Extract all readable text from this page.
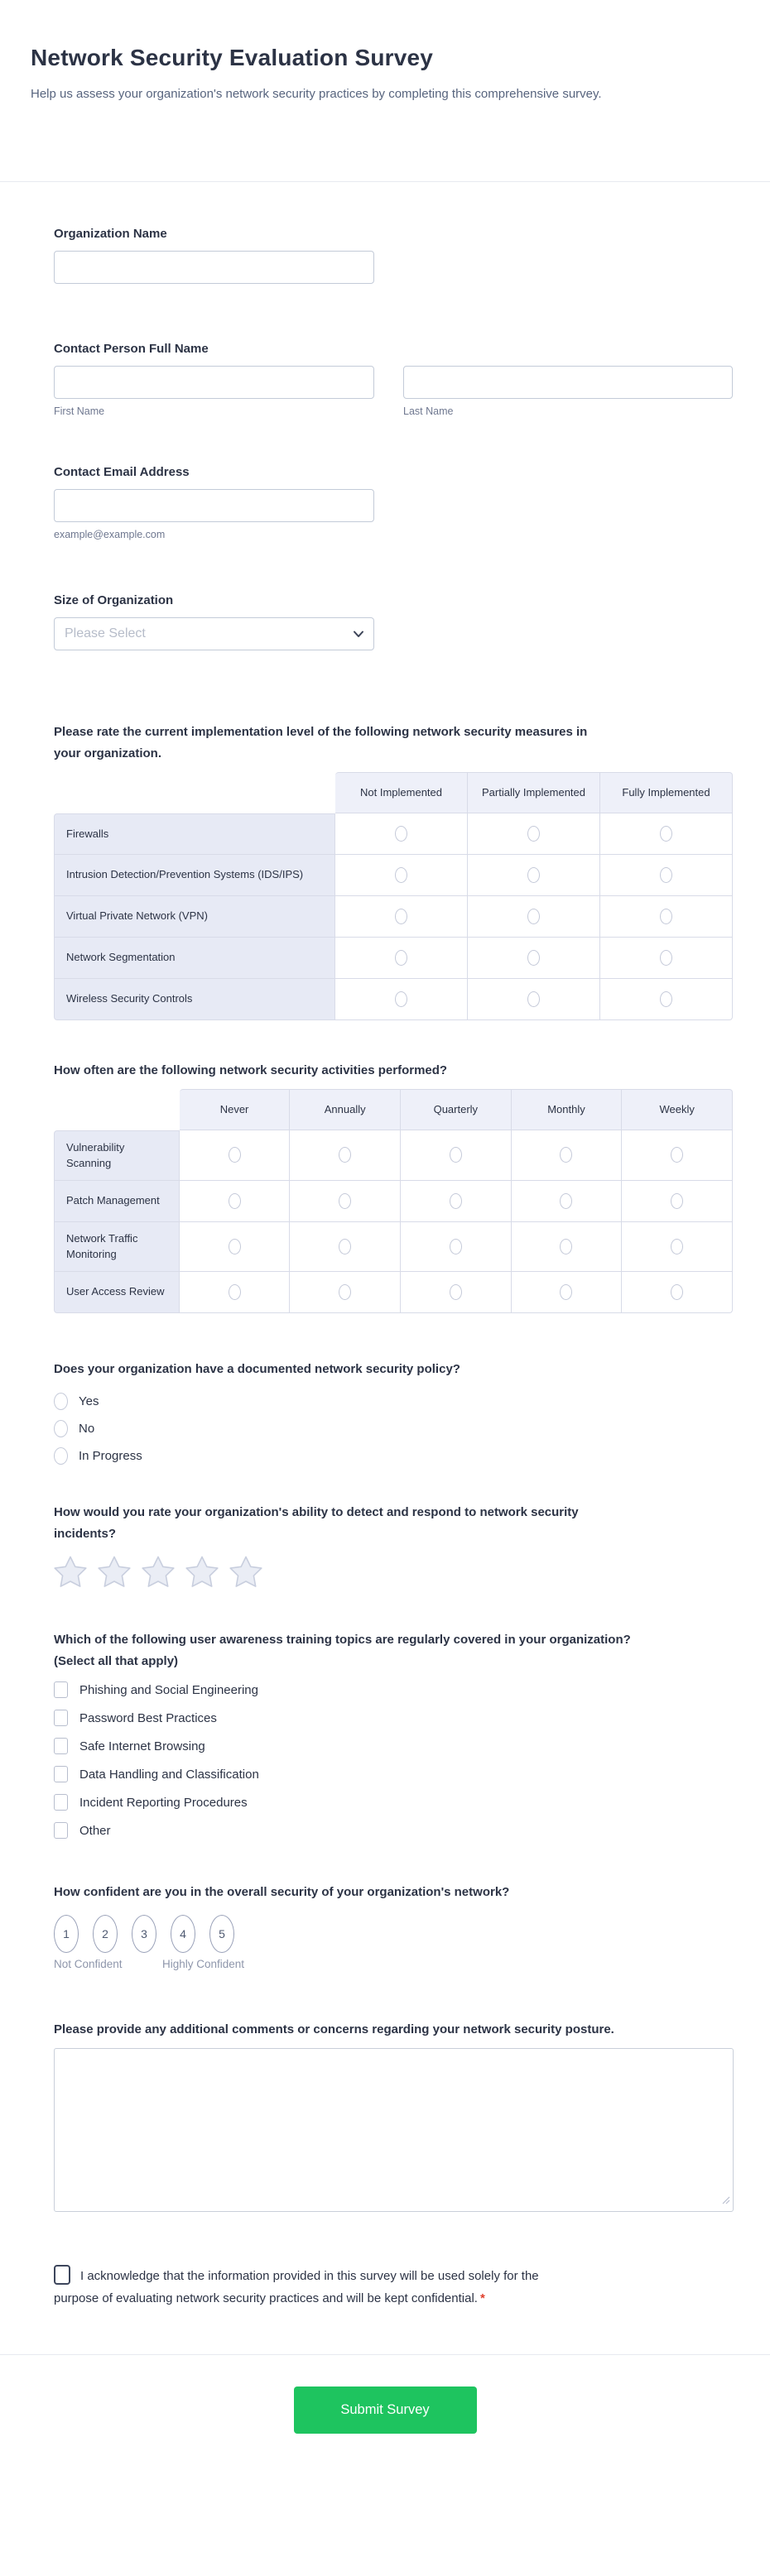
Network Security Evaluation Survey

Help us assess your organization's network security practices by completing this comprehensive survey.

Organization Name
Contact Person Full Name
First Name	Last Name
Contact Email Address
example@example.com
Size of Organization
Please Select
Please rate the current implementation level of the following network security measures in your organization.
	Not Implemented	Partially Implemented	Fully Implemented
Firewalls			
Intrusion Detection/Prevention Systems (IDS/IPS)			
Virtual Private Network (VPN)			
Network Segmentation			
Wireless Security Controls			
How often are the following network security activities performed?
	Never	Annually	Quarterly	Monthly	Weekly
Vulnerability Scanning					
Patch Management					
Network Traffic Monitoring					
User Access Review					
Does your organization have a documented network security policy?
Yes
No
In Progress
How would you rate your organization's ability to detect and respond to network security incidents?
Which of the following user awareness training topics are regularly covered in your organization? (Select all that apply)
Phishing and Social Engineering
Password Best Practices
Safe Internet Browsing
Data Handling and Classification
Incident Reporting Procedures
Other
How confident are you in the overall security of your organization's network?
1	2	3	4	5
Not Confident	Highly Confident
Please provide any additional comments or concerns regarding your network security posture.
I acknowledge that the information provided in this survey will be used solely for the purpose of evaluating network security practices and will be kept confidential. *
Submit Survey
